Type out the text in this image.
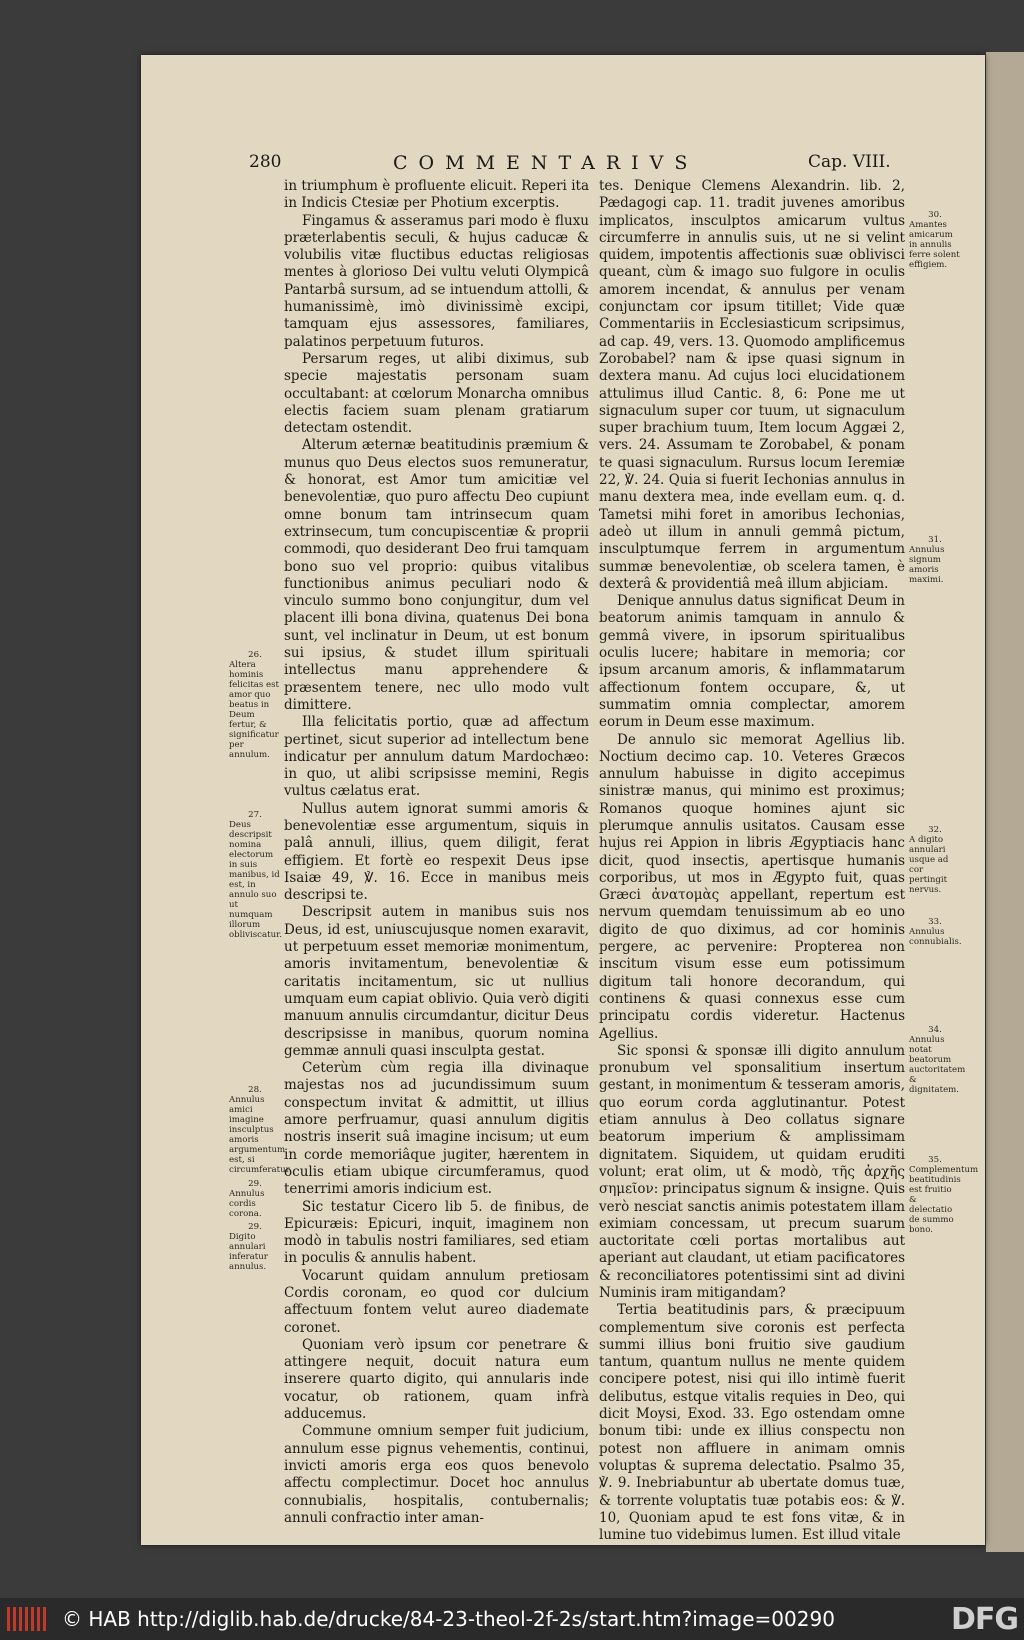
280	COMMENTARIVS	Cap. VIII.

in triumphum è profluente elicuit. Reperi ita in Indicis Ctesiæ per Photium excerptis.

Fingamus & asseramus pari modo è fluxu præterlabentis seculi, & hujus caducæ & volubilis vitæ fluctibus eductas religiosas mentes à glorioso Dei vultu veluti Olympicâ Pantarbâ sursum, ad se intuendum attolli, & humanissimè, imò divinissimè excipi, tamquam ejus assessores, familiares, palatinos perpetuum futuros.

Persarum reges, ut alibi diximus, sub specie majestatis personam suam occultabant: at cœlorum Monarcha omnibus electis faciem suam plenam gratiarum detectam ostendit.

Alterum æternæ beatitudinis præmium & munus quo Deus electos suos remuneratur, & honorat, est Amor tum amicitiæ vel benevolentiæ, quo puro affectu Deo cupiunt omne bonum tam intrinsecum quam extrinsecum, tum concupiscentiæ & proprii commodi, quo desiderant Deo frui tamquam bono suo vel proprio: quibus vitalibus functionibus animus peculiari nodo & vinculo summo bono conjungitur, dum vel placent illi bona divina, quatenus Dei bona sunt, vel inclinatur in Deum, ut est bonum sui ipsius, & studet illum spirituali intellectus manu apprehendere & præsentem tenere, nec ullo modo vult dimittere.

Illa felicitatis portio, quæ ad affectum pertinet, sicut superior ad intellectum bene indicatur per annulum datum Mardochæo: in quo, ut alibi scripsisse memini, Regis vultus cælatus erat.

Nullus autem ignorat summi amoris & benevolentiæ esse argumentum, siquis in palâ annuli, illius, quem diligit, ferat effigiem. Et fortè eo respexit Deus ipse Isaiæ 49, ℣. 16. Ecce in manibus meis descripsi te.

Descripsit autem in manibus suis nos Deus, id est, uniuscujusque nomen exaravit, ut perpetuum esset memoriæ monimentum, amoris invitamentum, benevolentiæ & caritatis incitamentum, sic ut nullius umquam eum capiat oblivio. Quia verò digiti manuum annulis circumdantur, dicitur Deus descripsisse in manibus, quorum nomina gemmæ annuli quasi insculpta gestat.

Ceterùm cùm regia illa divinaque majestas nos ad jucundissimum suum conspectum invitat & admittit, ut illius amore perfruamur, quasi annulum digitis nostris inserit suâ imagine incisum; ut eum in corde memoriâque jugiter, hærentem in oculis etiam ubique circumferamus, quod tenerrimi amoris indicium est.

Sic testatur Cicero lib 5. de finibus, de Epicuræis: Epicuri, inquit, imaginem non modò in tabulis nostri familiares, sed etiam in poculis & annulis habent.

Vocarunt quidam annulum pretiosam Cordis coronam, eo quod cor dulcium affectuum fontem velut aureo diademate coronet.

Quoniam verò ipsum cor penetrare & attingere nequit, docuit natura eum inserere quarto digito, qui annularis inde vocatur, ob rationem, quam infrà adducemus.

Commune omnium semper fuit judicium, annulum esse pignus vehementis, continui, invicti amoris erga eos quos benevolo affectu complectimur. Docet hoc annulus connubialis, hospitalis, contubernalis; annuli confractio inter aman-

tes. Denique Clemens Alexandrin. lib. 2, Pædagogi cap. 11. tradit juvenes amoribus implicatos, insculptos amicarum vultus circumferre in annulis suis, ut ne si velint quidem, impotentis affectionis suæ oblivisci queant, cùm & imago suo fulgore in oculis amorem incendat, & annulus per venam conjunctam cor ipsum titillet; Vide quæ Commentariis in Ecclesiasticum scripsimus, ad cap. 49, vers. 13. Quomodo amplificemus Zorobabel? nam & ipse quasi signum in dextera manu. Ad cujus loci elucidationem attulimus illud Cantic. 8, 6: Pone me ut signaculum super cor tuum, ut signaculum super brachium tuum, Item locum Aggæi 2, vers. 24. Assumam te Zorobabel, & ponam te quasi signaculum. Rursus locum Ieremiæ 22, ℣. 24. Quia si fuerit Iechonias annulus in manu dextera mea, inde evellam eum. q. d. Tametsi mihi foret in amoribus Iechonias, adeò ut illum in annuli gemmâ pictum, insculptumque ferrem in argumentum summæ benevolentiæ, ob scelera tamen, è dexterâ & providentiâ meâ illum abjiciam.

Denique annulus datus significat Deum in beatorum animis tamquam in annulo & gemmâ vivere, in ipsorum spiritualibus oculis lucere; habitare in memoria; cor ipsum arcanum amoris, & inflammatarum affectionum fontem occupare, &, ut summatim omnia complectar, amorem eorum in Deum esse maximum.

De annulo sic memorat Agellius lib. Noctium decimo cap. 10. Veteres Græcos annulum habuisse in digito accepimus sinistræ manus, qui minimo est proximus; Romanos quoque homines ajunt sic plerumque annulis usitatos. Causam esse hujus rei Appion in libris Ægyptiacis hanc dicit, quod insectis, apertisque humanis corporibus, ut mos in Ægypto fuit, quas Græci ἀνατομὰς appellant, repertum est nervum quemdam tenuissimum ab eo uno digito de quo diximus, ad cor hominis pergere, ac pervenire: Propterea non inscitum visum esse eum potissimum digitum tali honore decorandum, qui continens & quasi connexus esse cum principatu cordis videretur. Hactenus Agellius.

Sic sponsi & sponsæ illi digito annulum pronubum vel sponsalitium insertum gestant, in monimentum & tesseram amoris, quo eorum corda agglutinantur. Potest etiam annulus à Deo collatus signare beatorum imperium & amplissimam dignitatem. Siquidem, ut quidam eruditi volunt; erat olim, ut & modò, τῆς ἀρχῆς σημεῖον: principatus signum & insigne. Quis verò nesciat sanctis animis potestatem illam eximiam concessam, ut precum suarum auctoritate cœli portas mortalibus aut aperiant aut claudant, ut etiam pacificatores & reconciliatores potentissimi sint ad divini Numinis iram mitigandam?

Tertia beatitudinis pars, & præcipuum complementum sive coronis est perfecta summi illius boni fruitio sive gaudium tantum, quantum nullus ne mente quidem concipere potest, nisi qui illo intimè fuerit delibutus, estque vitalis requies in Deo, qui dicit Moysi, Exod. 33. Ego ostendam omne bonum tibi: unde ex illius conspectu non potest non affluere in animam omnis voluptas & suprema delectatio. Psalmo 35, ℣. 9. Inebriabuntur ab ubertate domus tuæ, & torrente voluptatis tuæ potabis eos: & ℣. 10, Quoniam apud te est fons vitæ, & in lumine tuo videbimus lumen. Est illud vitale

26.
Altera hominis felicitas est amor quo beatus in Deum fertur, & significatur per annulum.
27.
Deus descripsit nomina electorum in suis manibus, id est, in annulo suo ut numquam illorum obliviscatur.
28.
Annulus amici imagine insculptus amoris argumentum est, si circumferatur.
29.
Annulus cordis corona.
29.
Digito annulari inferatur annulus.
30.
Amantes amicarum in annulis ferre solent effigiem.
31.
Annulus signum amoris maximi.
32.
A digito annulari usque ad cor pertingit nervus.
33.
Annulus connubialis.
34.
Annulus notat beatorum auctoritatem & dignitatem.
35.
Complementum beatitudinis est fruitio & delectatio de summo bono.
© HAB http://diglib.hab.de/drucke/84-23-theol-2f-2s/start.htm?image=00290	DFG
